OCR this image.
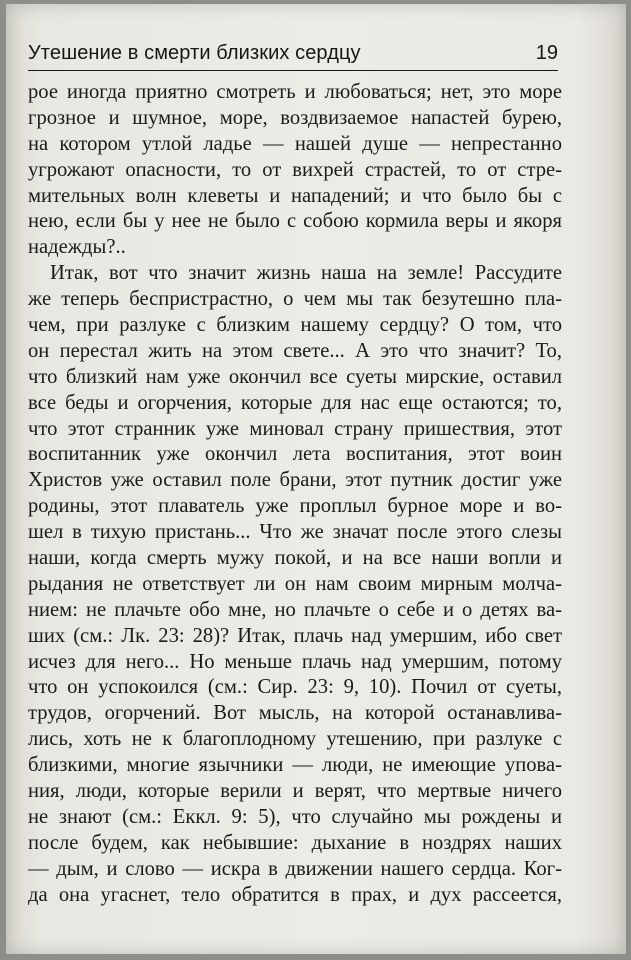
Утешение в смерти близких сердцу	19
рое иногда приятно смотреть и любоваться; нет, это море
грозное и шумное, море, воздвизаемое напастей бурею,
на котором утлой ладье — нашей душе — непрестанно
угрожают опасности, то от вихрей страстей, то от стре-
мительных волн клеветы и нападений; и что было бы с
нею, если бы у нее не было с собою кормила веры и якоря
надежды?..
Итак, вот что значит жизнь наша на земле! Рассудите
же теперь беспристрастно, о чем мы так безутешно пла-
чем, при разлуке с близким нашему сердцу? О том, что
он перестал жить на этом свете... А это что значит? То,
что близкий нам уже окончил все суеты мирские, оставил
все беды и огорчения, которые для нас еще остаются; то,
что этот странник уже миновал страну пришествия, этот
воспитанник уже окончил лета воспитания, этот воин
Христов уже оставил поле брани, этот путник достиг уже
родины, этот плаватель уже проплыл бурное море и во-
шел в тихую пристань... Что же значат после этого слезы
наши, когда смерть мужу покой, и на все наши вопли и
рыдания не ответствует ли он нам своим мирным молча-
нием: не плачьте обо мне, но плачьте о себе и о детях ва-
ших (см.: Лк. 23: 28)? Итак, плачь над умершим, ибо свет
исчез для него... Но меньше плачь над умершим, потому
что он успокоился (см.: Сир. 23: 9, 10). Почил от суеты,
трудов, огорчений. Вот мысль, на которой останавлива-
лись, хоть не к благоплодному утешению, при разлуке с
близкими, многие язычники — люди, не имеющие упова-
ния, люди, которые верили и верят, что мертвые ничего
не знают (см.: Еккл. 9: 5), что случайно мы рождены и
после будем, как небывшие: дыхание в ноздрях наших
— дым, и слово — искра в движении нашего сердца. Ког-
да она угаснет, тело обратится в прах, и дух рассеется,
